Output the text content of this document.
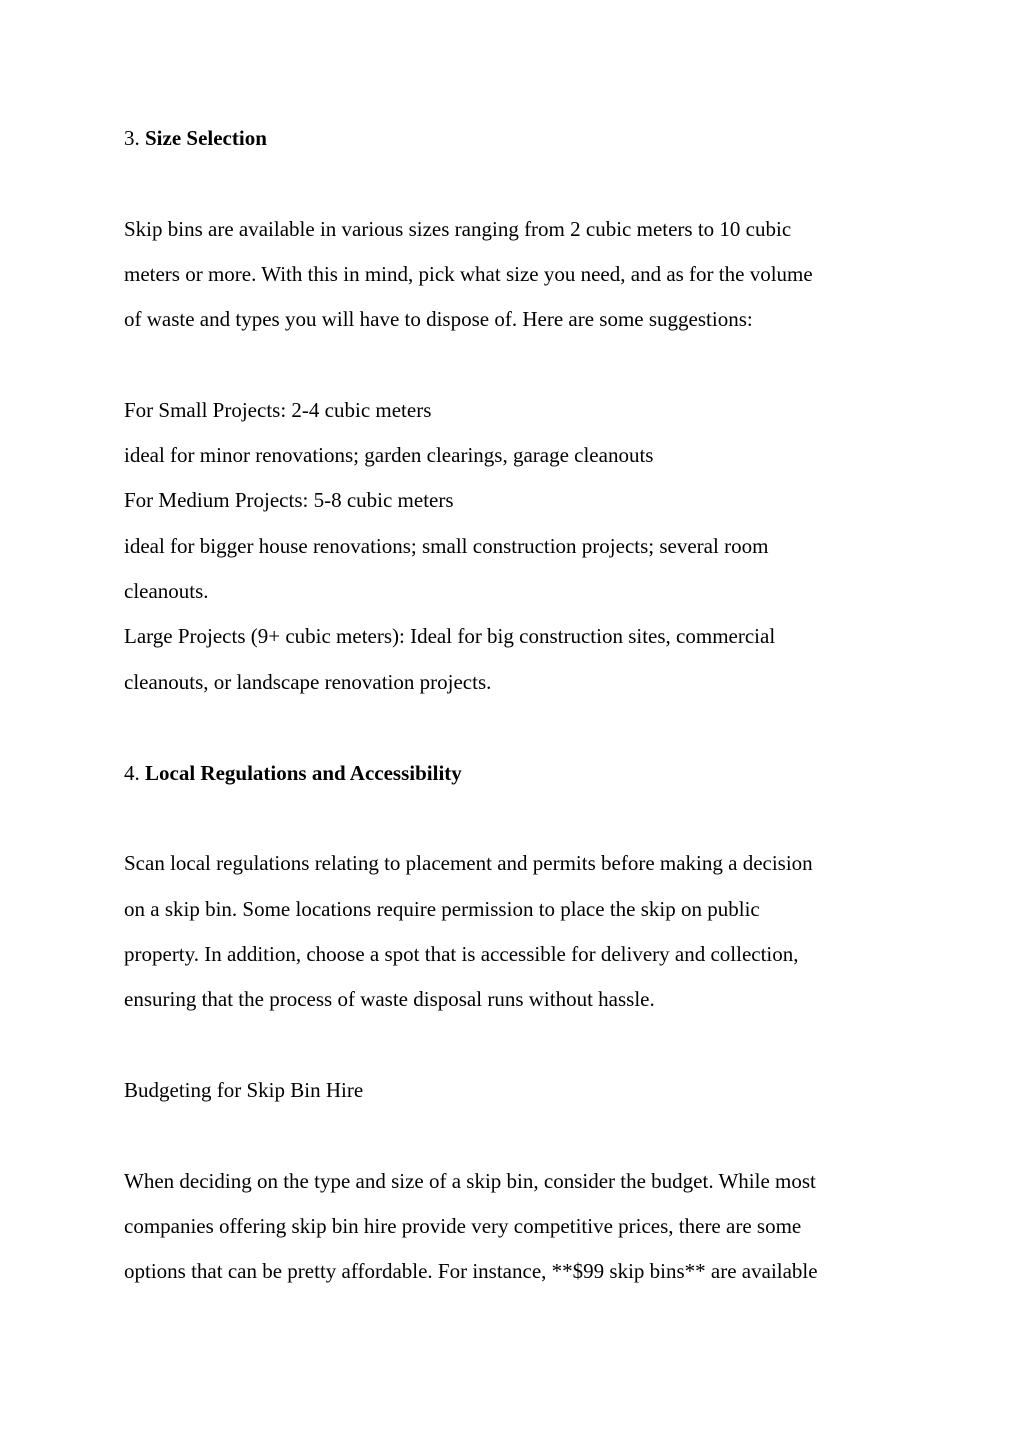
3. Size Selection
Skip bins are available in various sizes ranging from 2 cubic meters to 10 cubic
meters or more. With this in mind, pick what size you need, and as for the volume
of waste and types you will have to dispose of. Here are some suggestions:
For Small Projects: 2-4 cubic meters
ideal for minor renovations; garden clearings, garage cleanouts
For Medium Projects: 5-8 cubic meters
ideal for bigger house renovations; small construction projects; several room
cleanouts.
Large Projects (9+ cubic meters): Ideal for big construction sites, commercial
cleanouts, or landscape renovation projects.
4. Local Regulations and Accessibility
Scan local regulations relating to placement and permits before making a decision
on a skip bin. Some locations require permission to place the skip on public
property. In addition, choose a spot that is accessible for delivery and collection,
ensuring that the process of waste disposal runs without hassle.
Budgeting for Skip Bin Hire
When deciding on the type and size of a skip bin, consider the budget. While most
companies offering skip bin hire provide very competitive prices, there are some
options that can be pretty affordable. For instance, **$99 skip bins** are available
